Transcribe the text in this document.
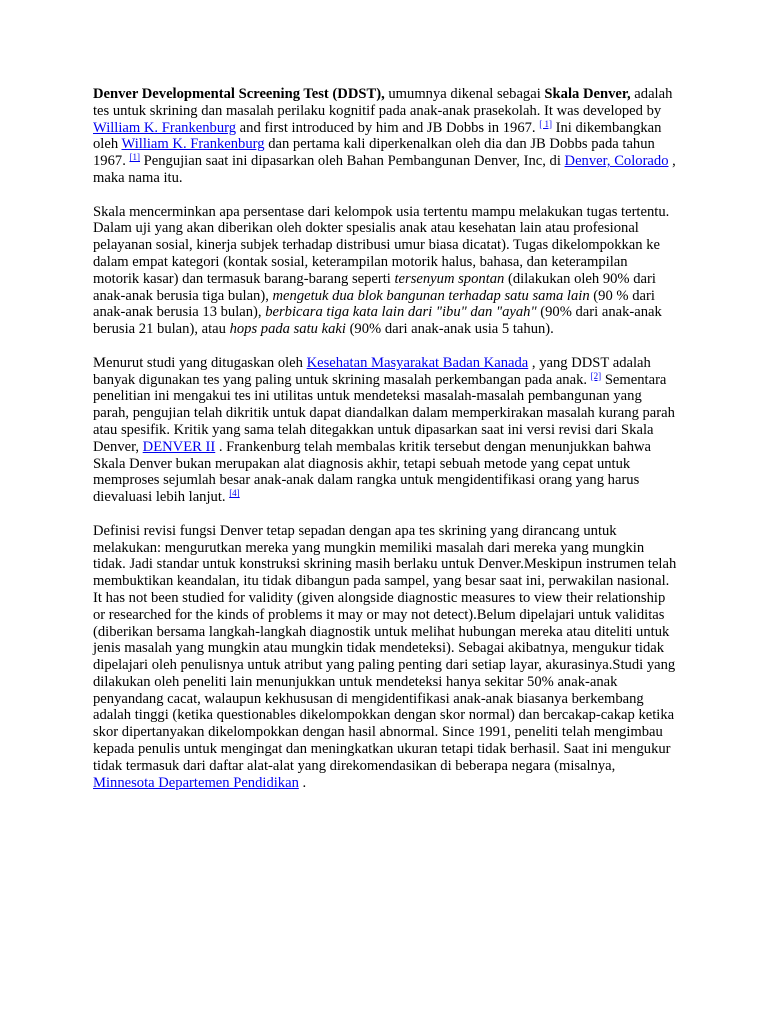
Denver Developmental Screening Test (DDST), umumnya dikenal sebagai Skala Denver, adalah tes untuk skrining dan masalah perilaku kognitif pada anak-anak prasekolah. It was developed by William K. Frankenburg and first introduced by him and JB Dobbs in 1967. [ 1] Ini dikembangkan oleh William K. Frankenburg dan pertama kali diperkenalkan oleh dia dan JB Dobbs pada tahun 1967. [1] Pengujian saat ini dipasarkan oleh Bahan Pembangunan Denver, Inc, di Denver, Colorado , maka nama itu.

Skala mencerminkan apa persentase dari kelompok usia tertentu mampu melakukan tugas tertentu. Dalam uji yang akan diberikan oleh dokter spesialis anak atau kesehatan lain atau profesional pelayanan sosial, kinerja subjek terhadap distribusi umur biasa dicatat). Tugas dikelompokkan ke dalam empat kategori (kontak sosial, keterampilan motorik halus, bahasa, dan keterampilan motorik kasar) dan termasuk barang-barang seperti tersenyum spontan (dilakukan oleh 90% dari anak-anak berusia tiga bulan), mengetuk dua blok bangunan terhadap satu sama lain (90 % dari anak-anak berusia 13 bulan), berbicara tiga kata lain dari "ibu" dan "ayah" (90% dari anak-anak berusia 21 bulan), atau hops pada satu kaki (90% dari anak-anak usia 5 tahun).

Menurut studi yang ditugaskan oleh Kesehatan Masyarakat Badan Kanada , yang DDST adalah banyak digunakan tes yang paling untuk skrining masalah perkembangan pada anak. [2] Sementara penelitian ini mengakui tes ini utilitas untuk mendeteksi masalah-masalah pembangunan yang parah, pengujian telah dikritik untuk dapat diandalkan dalam memperkirakan masalah kurang parah atau spesifik. Kritik yang sama telah ditegakkan untuk dipasarkan saat ini versi revisi dari Skala Denver, DENVER II . Frankenburg telah membalas kritik tersebut dengan menunjukkan bahwa Skala Denver bukan merupakan alat diagnosis akhir, tetapi sebuah metode yang cepat untuk memproses sejumlah besar anak-anak dalam rangka untuk mengidentifikasi orang yang harus dievaluasi lebih lanjut. [4]

Definisi revisi fungsi Denver tetap sepadan dengan apa tes skrining yang dirancang untuk melakukan: mengurutkan mereka yang mungkin memiliki masalah dari mereka yang mungkin tidak. Jadi standar untuk konstruksi skrining masih berlaku untuk Denver.Meskipun instrumen telah membuktikan keandalan, itu tidak dibangun pada sampel, yang besar saat ini, perwakilan nasional. It has not been studied for validity (given alongside diagnostic measures to view their relationship or researched for the kinds of problems it may or may not detect).Belum dipelajari untuk validitas (diberikan bersama langkah-langkah diagnostik untuk melihat hubungan mereka atau diteliti untuk jenis masalah yang mungkin atau mungkin tidak mendeteksi). Sebagai akibatnya, mengukur tidak dipelajari oleh penulisnya untuk atribut yang paling penting dari setiap layar, akurasinya.Studi yang dilakukan oleh peneliti lain menunjukkan untuk mendeteksi hanya sekitar 50% anak-anak penyandang cacat, walaupun kekhususan di mengidentifikasi anak-anak biasanya berkembang adalah tinggi (ketika questionables dikelompokkan dengan skor normal) dan bercakap-cakap ketika skor dipertanyakan dikelompokkan dengan hasil abnormal. Since 1991, peneliti telah mengimbau kepada penulis untuk mengingat dan meningkatkan ukuran tetapi tidak berhasil. Saat ini mengukur tidak termasuk dari daftar alat-alat yang direkomendasikan di beberapa negara (misalnya, Minnesota Departemen Pendidikan .
